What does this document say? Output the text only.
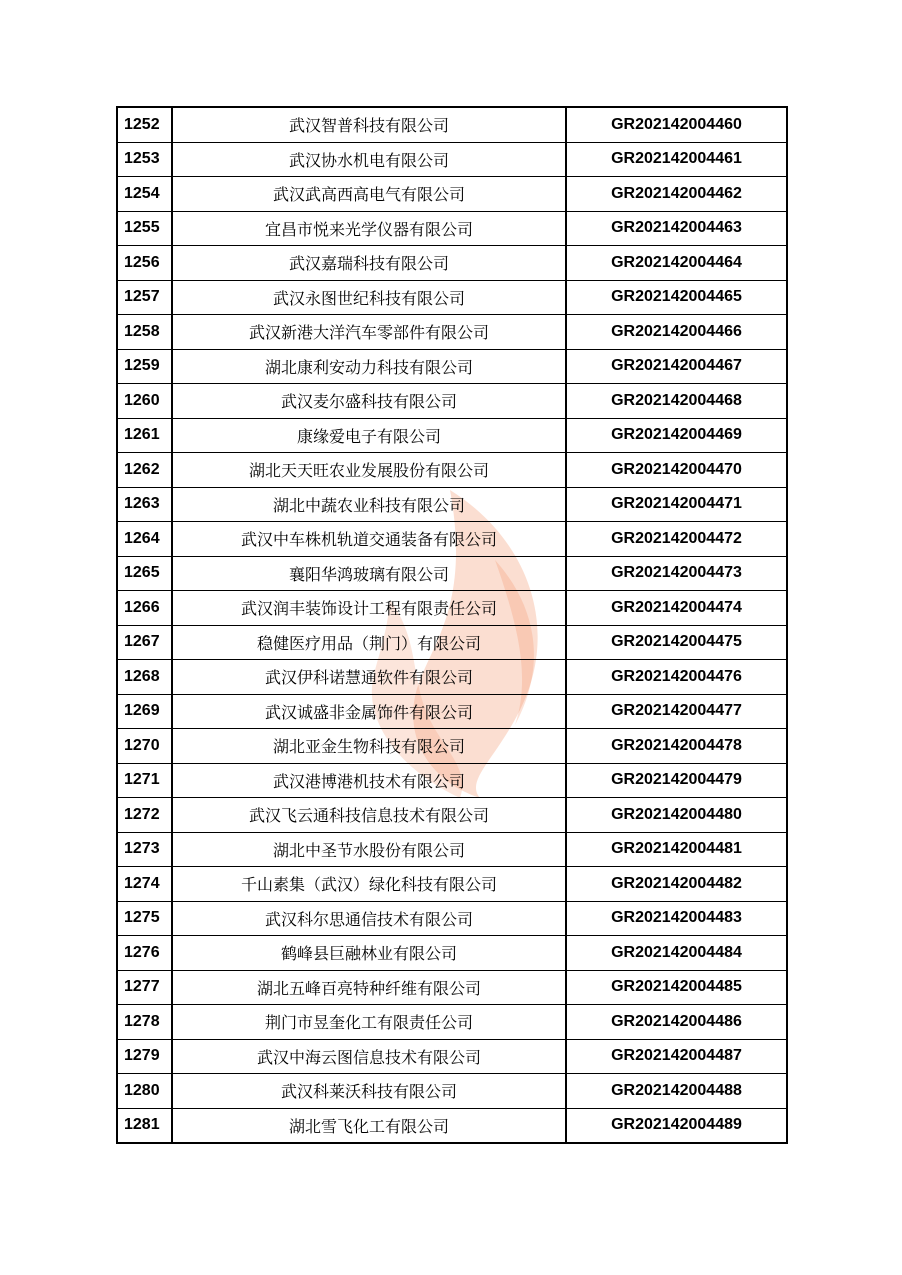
1252	武汉智普科技有限公司	GR202142004460
1253	武汉协水机电有限公司	GR202142004461
1254	武汉武高西高电气有限公司	GR202142004462
1255	宜昌市悦来光学仪器有限公司	GR202142004463
1256	武汉嘉瑞科技有限公司	GR202142004464
1257	武汉永图世纪科技有限公司	GR202142004465
1258	武汉新港大洋汽车零部件有限公司	GR202142004466
1259	湖北康利安动力科技有限公司	GR202142004467
1260	武汉麦尔盛科技有限公司	GR202142004468
1261	康缘爱电子有限公司	GR202142004469
1262	湖北天天旺农业发展股份有限公司	GR202142004470
1263	湖北中蔬农业科技有限公司	GR202142004471
1264	武汉中车株机轨道交通装备有限公司	GR202142004472
1265	襄阳华鸿玻璃有限公司	GR202142004473
1266	武汉润丰装饰设计工程有限责任公司	GR202142004474
1267	稳健医疗用品（荆门）有限公司	GR202142004475
1268	武汉伊科诺慧通软件有限公司	GR202142004476
1269	武汉诚盛非金属饰件有限公司	GR202142004477
1270	湖北亚金生物科技有限公司	GR202142004478
1271	武汉港博港机技术有限公司	GR202142004479
1272	武汉飞云通科技信息技术有限公司	GR202142004480
1273	湖北中圣节水股份有限公司	GR202142004481
1274	千山素集（武汉）绿化科技有限公司	GR202142004482
1275	武汉科尔思通信技术有限公司	GR202142004483
1276	鹤峰县巨融林业有限公司	GR202142004484
1277	湖北五峰百亮特种纤维有限公司	GR202142004485
1278	荆门市昱奎化工有限责任公司	GR202142004486
1279	武汉中海云图信息技术有限公司	GR202142004487
1280	武汉科莱沃科技有限公司	GR202142004488
1281	湖北雪飞化工有限公司	GR202142004489
